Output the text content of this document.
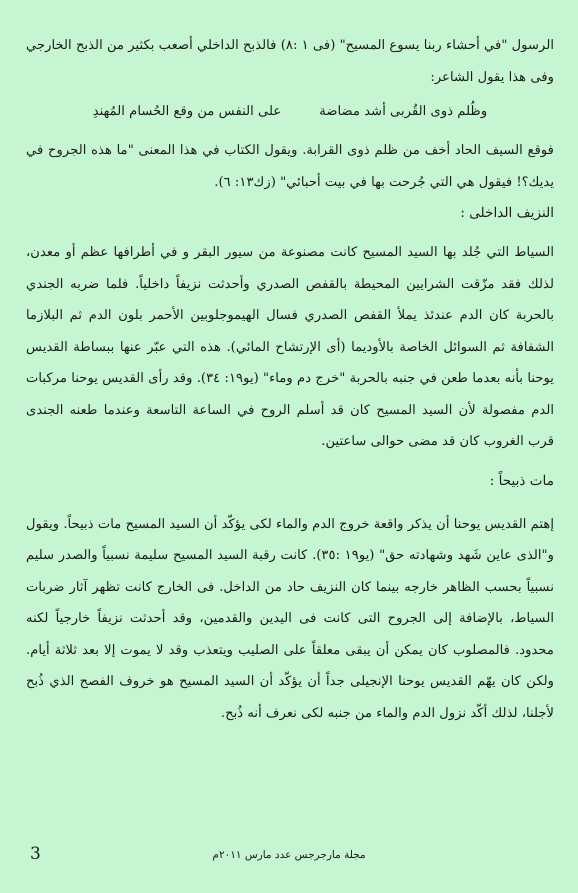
الرسول "في أحشاء ربنا يسوع المسيح" (فى ١ :٨) فالذبح الداخلي أصعب بكثير من الذبح الخارجي وفى هذا يقول الشاعر:

وظُلم ذوى القُربى أشد مضاضة
على النفس من وقع الحُسام المُهندِ

فوقع السيف الحاد أخف من ظلم ذوى القرابة. ويقول الكتاب في هذا المعنى "ما هذه الجروح في يديك؟! فيقول هي التي جُرحت بها في بيت أحبائي" (زك١٣: ٦).

النزيف الداخلى :

السياط التي جُلد بها السيد المسيح كانت مصنوعة من سيور البقر و في أطرافها عظم أو معدن، لذلك فقد مزّقت الشرايين المحيطة بالقفص الصدري وأحدثت نزيفاً داخلياً. فلما ضربه الجندي بالحربة كان الدم عندئذ يملأ القفص الصدري فسال الهيموجلوبين الأحمر بلون الدم ثم البلازما الشفافة ثم السوائل الخاصة بالأوديما (أى الإرتشاح المائي). هذه التي عبّر عنها ببساطة القديس يوحنا بأنه بعدما طعن في جنبه بالحربة "خرج دم وماء" (يو١٩: ٣٤). وقد رأى القديس يوحنا مركبات الدم مفصولة لأن السيد المسيح كان قد أسلم الروح في الساعة التاسعة وعندما طعنه الجندى قرب الغروب كان قد مضى حوالى ساعتين.

مات ذبيحاً :

إهتم القديس يوحنا أن يذكر واقعة خروج الدم والماء لكى يؤكّد أن السيد المسيح مات ذبيحاً. ويقول و"الذى عاين شَهد وشهادته حق" (يو١٩ :٣٥). كانت رقبة السيد المسيح سليمة نسبياً والصدر سليم نسبياً بحسب الظاهر خارجه بينما كان النزيف حاد من الداخل. فى الخارج كانت تظهر آثار ضربات السياط، بالإضافة إلى الجروح التى كانت فى اليدين والقدمين، وقد أحدثت نزيفاً خارجياً لكنه محدود. فالمصلوب كان يمكن أن يبقى معلقاً على الصليب ويتعذب وقد لا يموت إلا بعد ثلاثة أيام. ولكن كان يهّم القديس يوحنا الإنجيلى جداً أن يؤكّد أن السيد المسيح هو خروف الفصح الذي ذُبح لأجلنا، لذلك أكّد نزول الدم والماء من جنبه لكى نعرف أنه ذُبح.

3	مجلة مارجرجس عدد مارس ٢٠١١م
